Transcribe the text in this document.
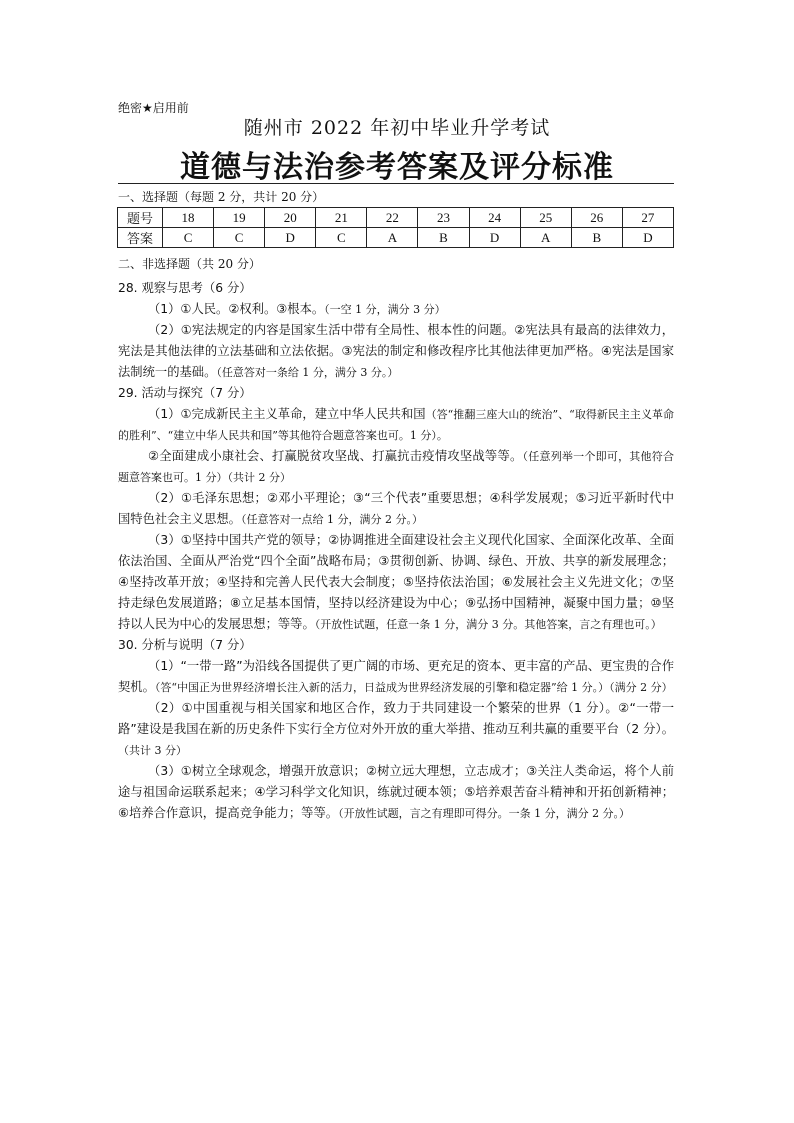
绝密★启用前
随州市 2022 年初中毕业升学考试
道德与法治参考答案及评分标准
一、选择题（每题 2 分，共计 20 分）
题号	18	19	20	21	22	23	24	25	26	27
答案	C	C	D	C	A	B	D	A	B	D
二、非选择题（共 20 分）

28. 观察与思考（6 分）

（1）①人民。②权利。③根本。（一空 1 分，满分 3 分）

（2）①宪法规定的内容是国家生活中带有全局性、根本性的问题。②宪法具有最高的法律效力，宪法是其他法律的立法基础和立法依据。③宪法的制定和修改程序比其他法律更加严格。④宪法是国家法制统一的基础。（任意答对一条给 1 分，满分 3 分。）

29. 活动与探究（7 分）

（1）①完成新民主主义革命，建立中华人民共和国（答“推翻三座大山的统治”、“取得新民主主义革命的胜利”、“建立中华人民共和国”等其他符合题意答案也可。1 分）。

②全面建成小康社会、打赢脱贫攻坚战、打赢抗击疫情攻坚战等等。（任意列举一个即可，其他符合题意答案也可。1 分）（共计 2 分）

（2）①毛泽东思想；②邓小平理论；③“三个代表”重要思想；④科学发展观；⑤习近平新时代中国特色社会主义思想。（任意答对一点给 1 分，满分 2 分。）

（3）①坚持中国共产党的领导；②协调推进全面建设社会主义现代化国家、全面深化改革、全面依法治国、全面从严治党“四个全面”战略布局；③贯彻创新、协调、绿色、开放、共享的新发展理念；④坚持改革开放；④坚持和完善人民代表大会制度；⑤坚持依法治国；⑥发展社会主义先进文化；⑦坚持走绿色发展道路；⑧立足基本国情，坚持以经济建设为中心；⑨弘扬中国精神，凝聚中国力量；⑩坚持以人民为中心的发展思想；等等。（开放性试题，任意一条 1 分，满分 3 分。其他答案，言之有理也可。）

30. 分析与说明（7 分）

（1）“一带一路”为沿线各国提供了更广阔的市场、更充足的资本、更丰富的产品、更宝贵的合作契机。（答“中国正为世界经济增长注入新的活力，日益成为世界经济发展的引擎和稳定器”给 1 分。）（满分 2 分）

（2）①中国重视与相关国家和地区合作，致力于共同建设一个繁荣的世界（1 分）。②“一带一路”建设是我国在新的历史条件下实行全方位对外开放的重大举措、推动互利共赢的重要平台（2 分）。（共计 3 分）

（3）①树立全球观念，增强开放意识；②树立远大理想，立志成才；③关注人类命运，将个人前途与祖国命运联系起来；④学习科学文化知识，练就过硬本领；⑤培养艰苦奋斗精神和开拓创新精神；⑥培养合作意识，提高竞争能力；等等。（开放性试题，言之有理即可得分。一条 1 分，满分 2 分。）
